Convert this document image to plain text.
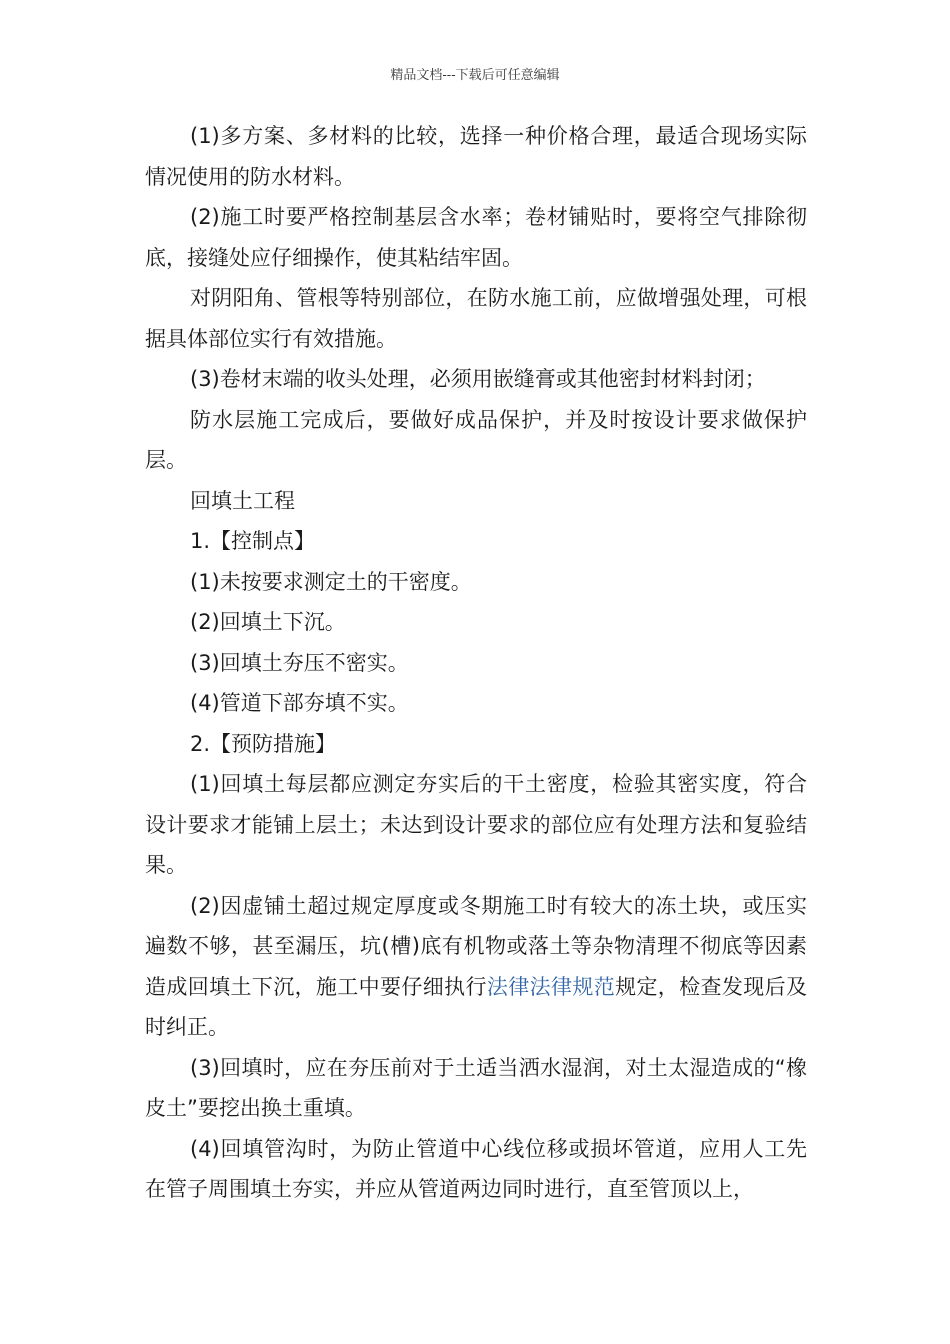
精品文档---下载后可任意编辑

(1)多方案、多材料的比较，选择一种价格合理，最适合现场实际情况使用的防水材料。

(2)施工时要严格控制基层含水率；卷材铺贴时，要将空气排除彻底，接缝处应仔细操作，使其粘结牢固。

对阴阳角、管根等特别部位，在防水施工前，应做增强处理，可根据具体部位实行有效措施。

(3)卷材末端的收头处理，必须用嵌缝膏或其他密封材料封闭；

防水层施工完成后，要做好成品保护，并及时按设计要求做保护层。

回填土工程

1.【控制点】

(1)未按要求测定土的干密度。

(2)回填土下沉。

(3)回填土夯压不密实。

(4)管道下部夯填不实。

2.【预防措施】

(1)回填土每层都应测定夯实后的干土密度，检验其密实度，符合设计要求才能铺上层土；未达到设计要求的部位应有处理方法和复验结果。

(2)因虚铺土超过规定厚度或冬期施工时有较大的冻土块，或压实遍数不够，甚至漏压，坑(槽)底有机物或落土等杂物清理不彻底等因素造成回填土下沉，施工中要仔细执行法律法律规范规定，检查发现后及时纠正。

(3)回填时，应在夯压前对于土适当洒水湿润，对土太湿造成的“橡皮土”要挖出换土重填。

(4)回填管沟时，为防止管道中心线位移或损坏管道，应用人工先在管子周围填土夯实，并应从管道两边同时进行，直至管顶以上，
